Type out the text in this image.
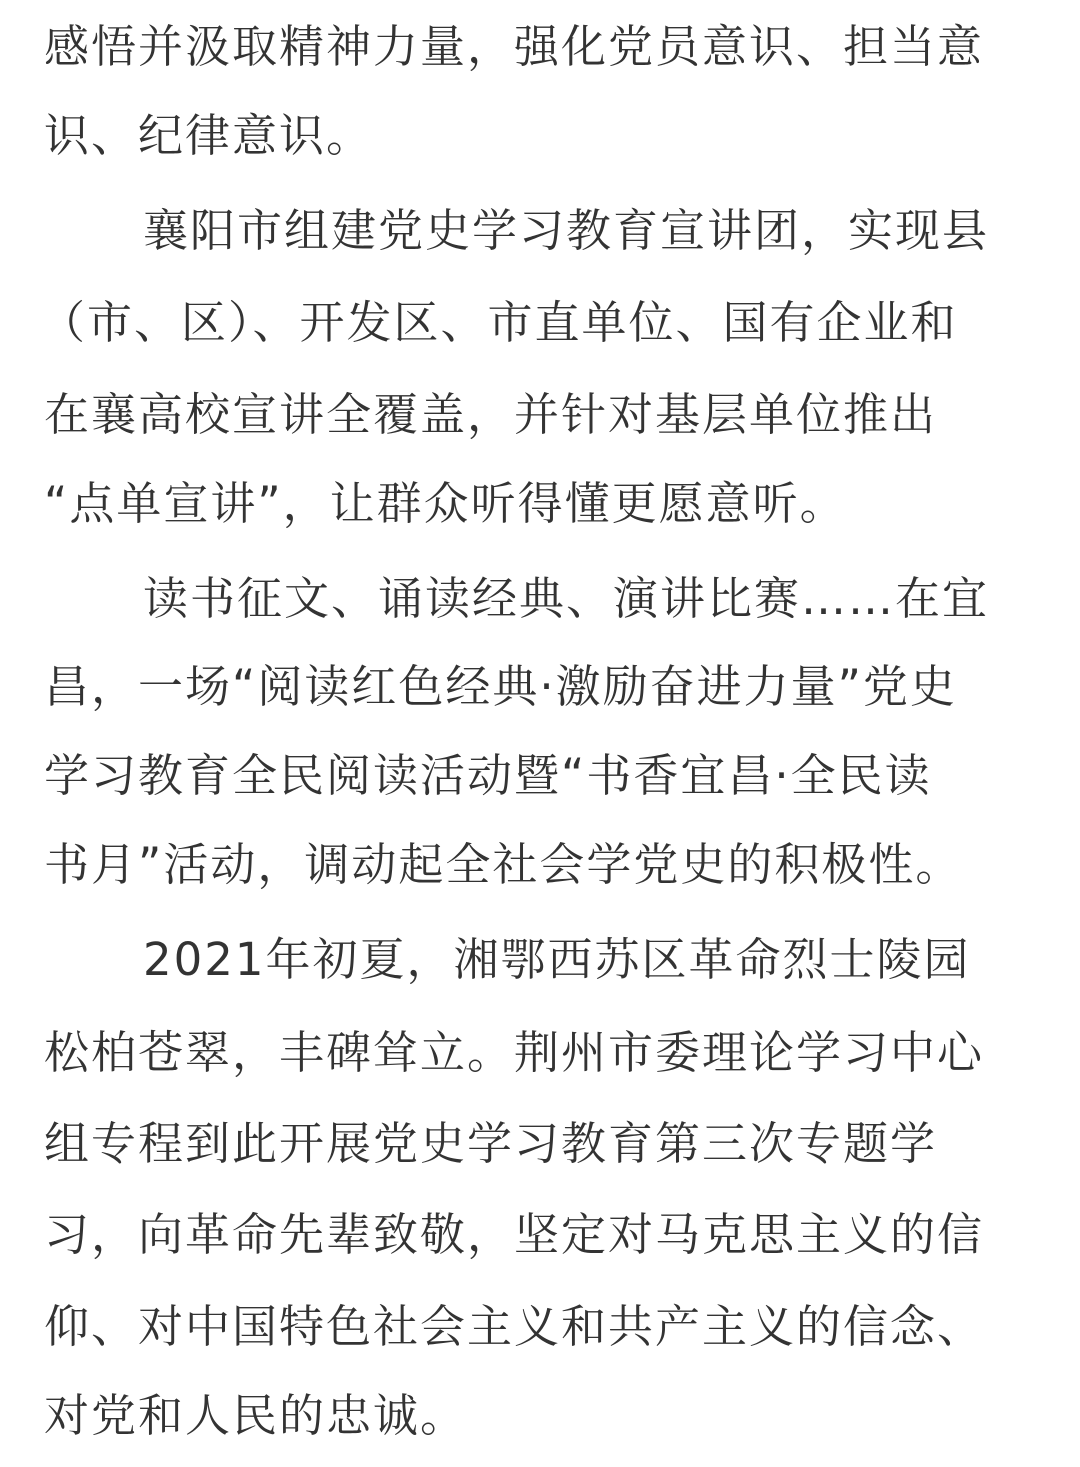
感悟并汲取精神力量，强化党员意识、担当意
识、纪律意识。
襄阳市组建党史学习教育宣讲团，实现县
（市、区）、开发区、市直单位、国有企业和
在襄高校宣讲全覆盖，并针对基层单位推出
“点单宣讲”，让群众听得懂更愿意听。
读书征文、诵读经典、演讲比赛……在宜
昌，一场“阅读红色经典·激励奋进力量”党史
学习教育全民阅读活动暨“书香宜昌·全民读
书月”活动，调动起全社会学党史的积极性。
2021年初夏，湘鄂西苏区革命烈士陵园
松柏苍翠，丰碑耸立。荆州市委理论学习中心
组专程到此开展党史学习教育第三次专题学
习，向革命先辈致敬，坚定对马克思主义的信
仰、对中国特色社会主义和共产主义的信念、
对党和人民的忠诚。
